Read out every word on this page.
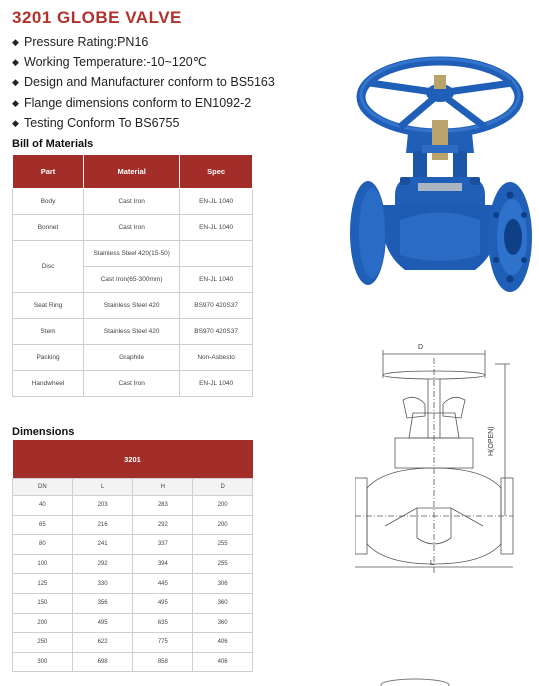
3201 GLOBE VALVE
◆ Pressure Rating:PN16
◆ Working Temperature:-10~120℃
◆ Design and Manufacturer conform to BS5163
◆ Flange dimensions conform to EN1092-2
◆ Testing Conform To BS6755
Bill of Materials
Part	Material	Spec
Body	Cast Iron	EN-JL 1040
Bonnet	Cast Iron	EN-JL 1040
Disc	Stainless Steel 420(15-50)	
	Cast Iron(65-300mm)	EN-JL 1040
Seat Ring	Stainless Steel 420	BS970 420S37
Stem	Stainless Steel 420	BS970 420S37
Packing	Graphite	Non-Asbesto
Handwheel	Cast Iron	EN-JL 1040
Dimensions
3201			
DN	L	H	D
40	203	283	200
65	216	292	200
80	241	337	255
100	292	394	255
125	330	445	306
150	356	495	360
200	495	635	360
250	622	775	406
300	698	858	406
D
L
H(OPEN)
